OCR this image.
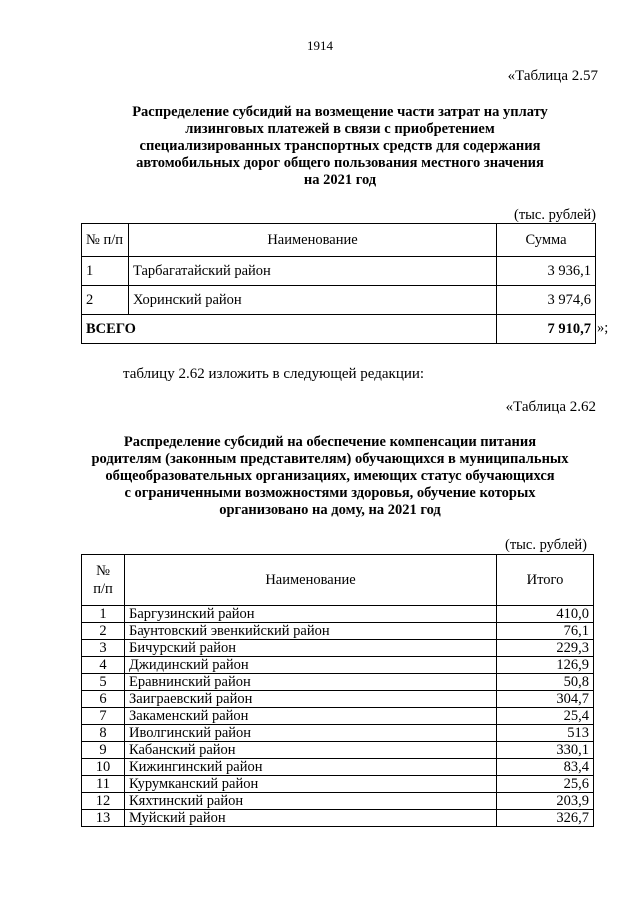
1914
«Таблица 2.57
Распределение субсидий на возмещение части затрат на уплату
лизинговых платежей в связи с приобретением
специализированных транспортных средств для содержания
автомобильных дорог общего пользования местного значения
на 2021 год
(тыс. рублей)
№ п/п	Наименование	Сумма
1	Тарбагатайский район	3 936,1
2	Хоринский район	3 974,6
ВСЕГО		7 910,7 »;
таблицу 2.62 изложить в следующей редакции:
«Таблица 2.62
Распределение субсидий на обеспечение компенсации питания
родителям (законным представителям) обучающихся в муниципальных
общеобразовательных организациях, имеющих статус обучающихся
с ограниченными возможностями здоровья, обучение которых
организовано на дому, на 2021 год
(тыс. рублей)
№
п/п	Наименование	Итого
1	Баргузинский район	410,0
2	Баунтовский эвенкийский район	76,1
3	Бичурский район	229,3
4	Джидинский район	126,9
5	Еравнинский район	50,8
6	Заиграевский район	304,7
7	Закаменский район	25,4
8	Иволгинский район	513
9	Кабанский район	330,1
10	Кижингинский район	83,4
11	Курумканский район	25,6
12	Кяхтинский район	203,9
13	Муйский район	326,7
